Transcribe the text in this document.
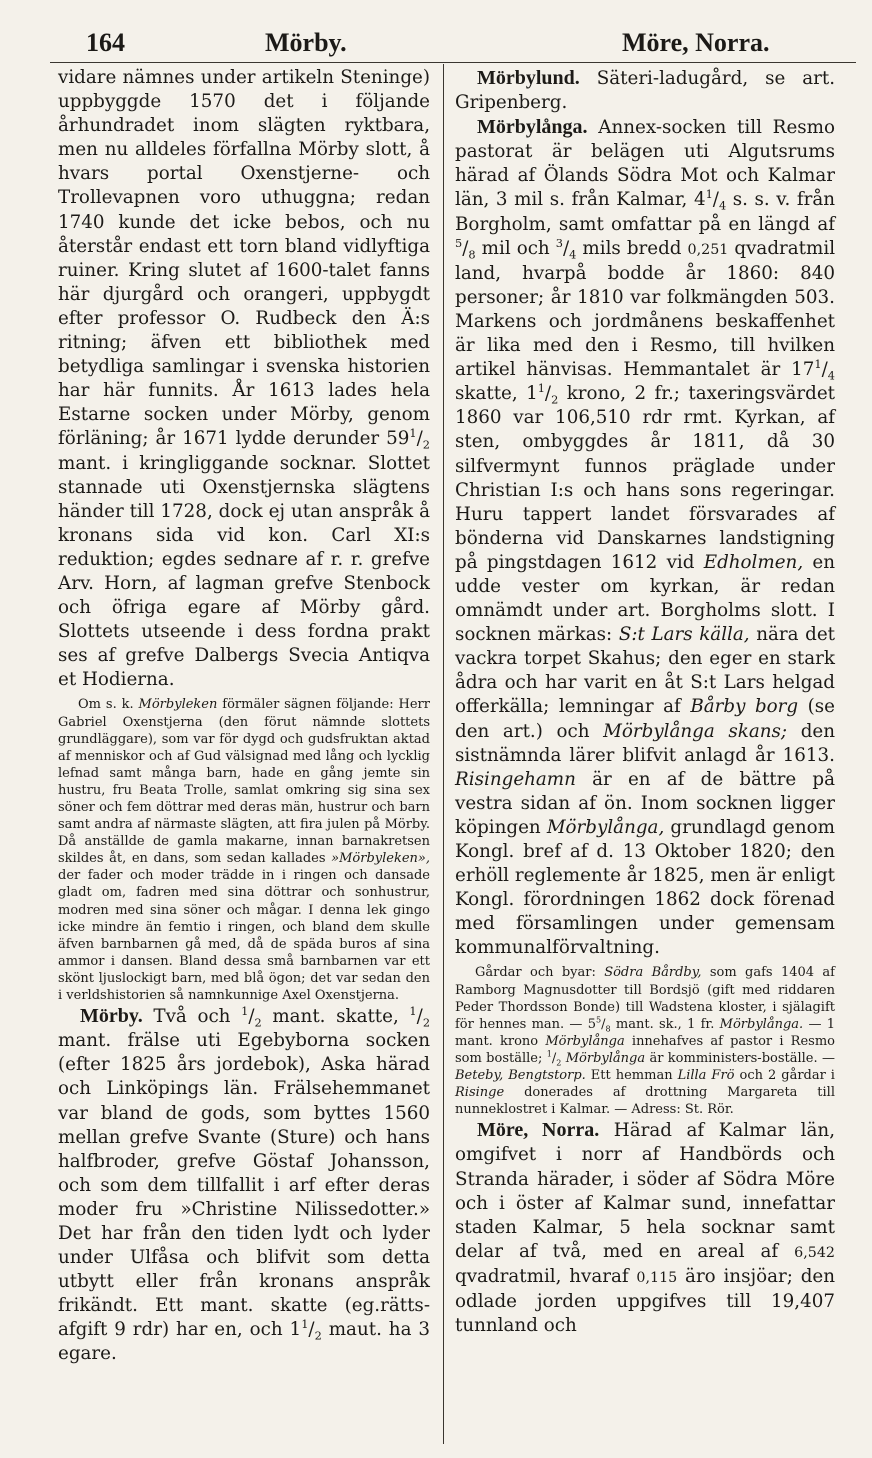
164	Mörby.	Möre, Norra.

vidare nämnes under artikeln Steninge) uppbyggde 1570 det i följande århundradet inom slägten ryktbara, men nu alldeles förfallna Mörby slott, å hvars portal Oxenstjerne- och Trollevapnen voro uthuggna; redan 1740 kunde det icke bebos, och nu återstår endast ett torn bland vidlyftiga ruiner. Kring slutet af 1600-talet fanns här djurgård och orangeri, uppbygdt efter professor O. Rudbeck den Ä:s ritning; äfven ett bibliothek med betydliga samlingar i svenska historien har här funnits. År 1613 lades hela Estarne socken under Mörby, genom förläning; år 1671 lydde derunder $59^1/_2$ mant. i kringliggande socknar. Slottet stannade uti Oxenstjernska slägtens händer till 1728, dock ej utan anspråk å kronans sida vid kon. Carl XI:s reduktion; egdes sednare af r. r. grefve Arv. Horn, af lagman grefve Stenbock och öfriga egare af Mörby gård. Slottets utseende i dess fordna prakt ses af grefve Dalbergs Svecia Antiqva et Hodierna.

Om s. k. Mörbyleken förmäler sägnen följande: Herr Gabriel Oxenstjerna (den förut nämnde slottets grundläggare), som var för dygd och gudsfruktan aktad af menniskor och af Gud välsignad med lång och lycklig lefnad samt många barn, hade en gång jemte sin hustru, fru Beata Trolle, samlat omkring sig sina sex söner och fem döttrar med deras män, hustrur och barn samt andra af närmaste slägten, att fira julen på Mörby. Då anställde de gamla makarne, innan barnakretsen skildes åt, en dans, som sedan kallades »Mörbyleken», der fader och moder trädde in i ringen och dansade gladt om, fadren med sina döttrar och sonhustrur, modren med sina söner och mågar. I denna lek gingo icke mindre än femtio i ringen, och bland dem skulle äfven barnbarnen gå med, då de späda buros af sina ammor i dansen. Bland dessa små barnbarnen var ett skönt ljuslockigt barn, med blå ögon; det var sedan den i verldshistorien så namnkunnige Axel Oxenstjerna.

Mörby. Två och $^1/_2$ mant. skatte, $^1/_2$ mant. frälse uti Egebyborna socken (efter 1825 års jordebok), Aska härad och Linköpings län. Frälsehemmanet var bland de gods, som byttes 1560 mellan grefve Svante (Sture) och hans halfbroder, grefve Göstaf Johansson, och som dem tillfallit i arf efter deras moder fru »Christine Nilissedotter.» Det har från den tiden lydt och lyder under Ulfåsa och blifvit som detta utbytt eller från kronans anspråk frikändt. Ett mant. skatte (eg.rätts-afgift 9 rdr) har en, och $1^1/_2$ maut. ha 3 egare.

Mörbylund. Säteri-ladugård, se art. Gripenberg.

Mörbylånga. Annex-socken till Resmo pastorat är belägen uti Algutsrums härad af Ölands Södra Mot och Kalmar län, 3 mil s. från Kalmar, $4^1/_4$ s. s. v. från Borgholm, samt omfattar på en längd af $^5/_8$ mil och $^3/_4$ mils bredd 0,251 qvadratmil land, hvarpå bodde år 1860: 840 personer; år 1810 var folkmängden 503. Markens och jordmånens beskaffenhet är lika med den i Resmo, till hvilken artikel hänvisas. Hemmantalet är $17^1/_4$ skatte, $1^1/_2$ krono, 2 fr.; taxeringsvärdet 1860 var 106,510 rdr rmt. Kyrkan, af sten, ombyggdes år 1811, då 30 silfvermynt funnos präglade under Christian I:s och hans sons regeringar. Huru tappert landet försvarades af bönderna vid Danskarnes landstigning på pingstdagen 1612 vid Edholmen, en udde vester om kyrkan, är redan omnämdt under art. Borgholms slott. I socknen märkas: S:t Lars källa, nära det vackra torpet Skahus; den eger en stark ådra och har varit en åt S:t Lars helgad offerkälla; lemningar af Bårby borg (se den art.) och Mörbylånga skans; den sistnämnda lärer blifvit anlagd år 1613. Risingehamn är en af de bättre på vestra sidan af ön. Inom socknen ligger köpingen Mörbylånga, grundlagd genom Kongl. bref af d. 13 Oktober 1820; den erhöll reglemente år 1825, men är enligt Kongl. förordningen 1862 dock förenad med församlingen under gemensam kommunalförvaltning.

Gårdar och byar: Södra Bårdby, som gafs 1404 af Ramborg Magnusdotter till Bordsjö (gift med riddaren Peder Thordsson Bonde) till Wadstena kloster, i själagift för hennes man. — $5^5/_8$ mant. sk., 1 fr. Mörbylånga. — 1 mant. krono Mörbylånga innehafves af pastor i Resmo som boställe; $^1/_2$ Mörbylånga är komministers-boställe. — Beteby, Bengtstorp. Ett hemman Lilla Frö och 2 gårdar i Risinge donerades af drottning Margareta till nunneklostret i Kalmar. — Adress: St. Rör.

Möre, Norra. Härad af Kalmar län, omgifvet i norr af Handbörds och Stranda härader, i söder af Södra Möre och i öster af Kalmar sund, innefattar staden Kalmar, 5 hela socknar samt delar af två, med en areal af 6,542 qvadratmil, hvaraf 0,115 äro insjöar; den odlade jorden uppgifves till 19,407 tunnland och
